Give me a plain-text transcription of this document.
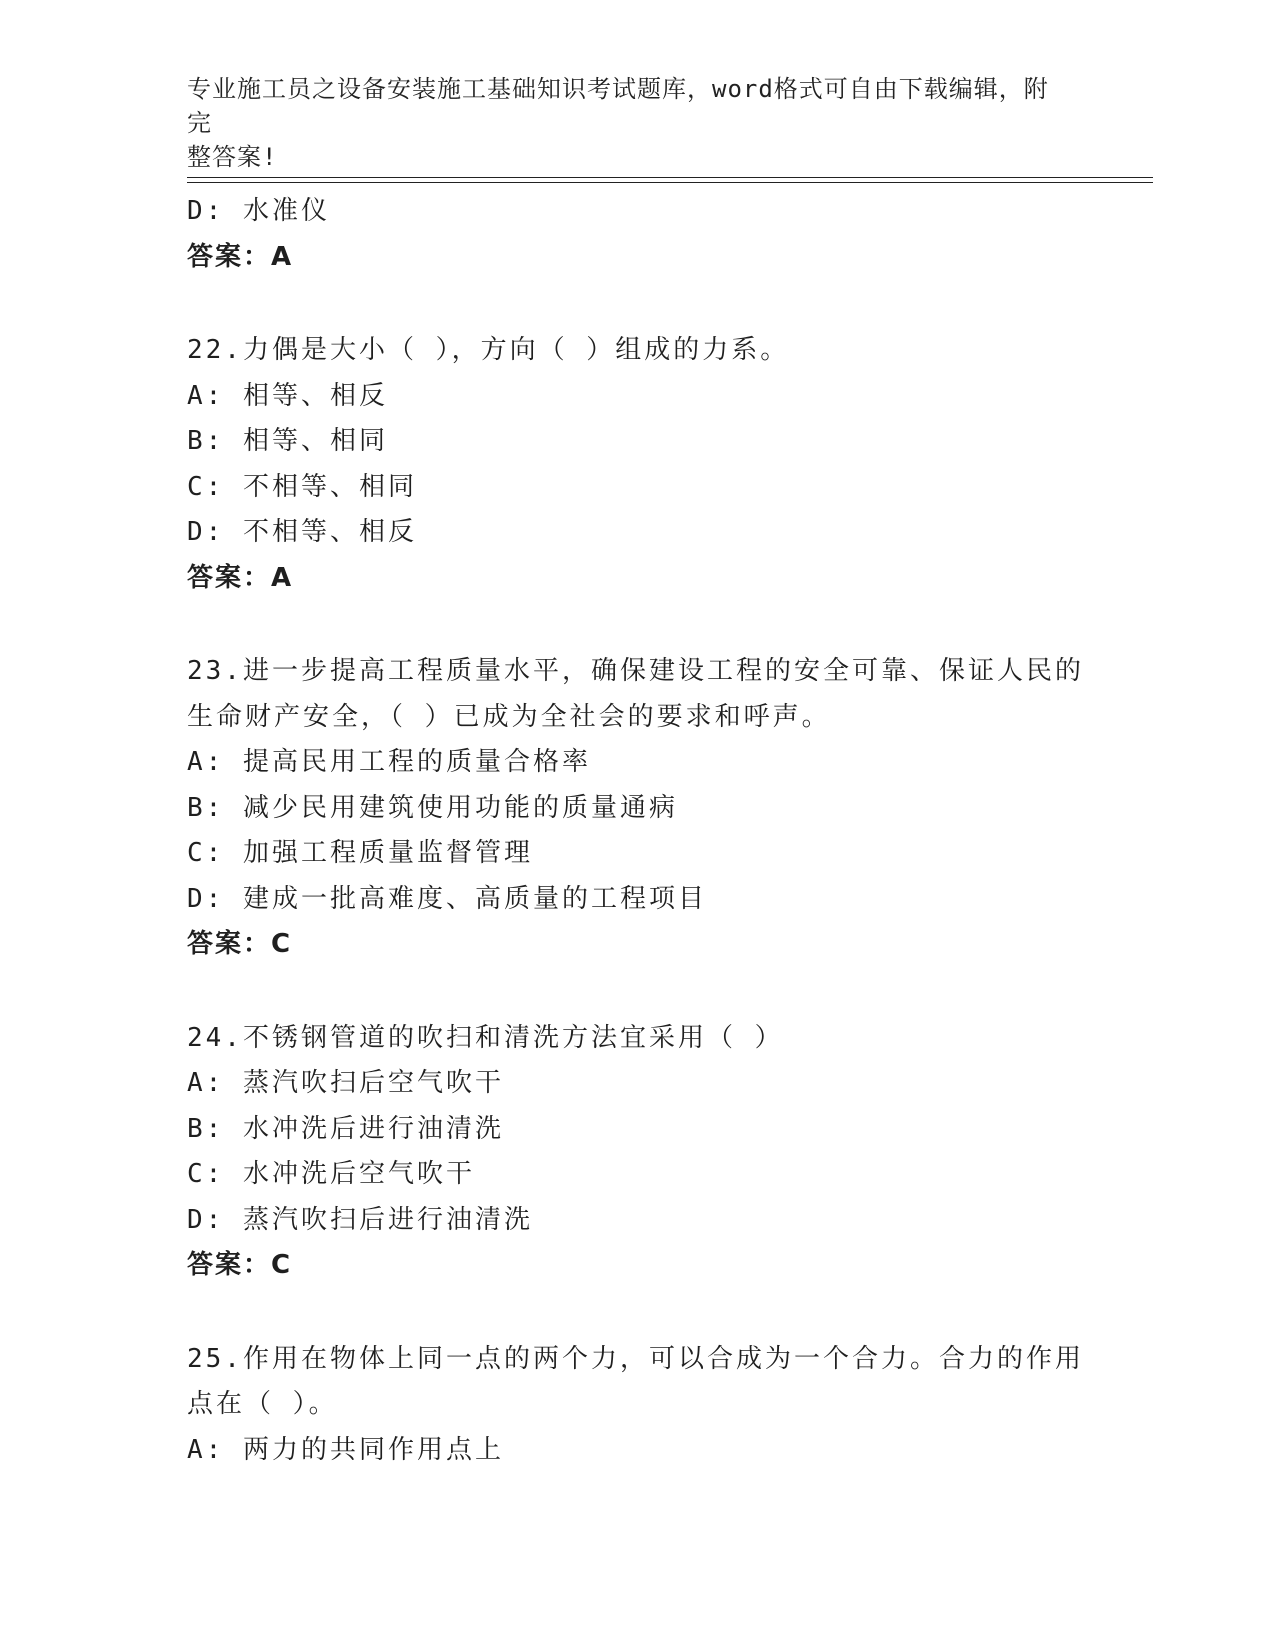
专业施工员之设备安装施工基础知识考试题库，word格式可自由下载编辑，附完
整答案!
D: 水准仪
答案：A
22.力偶是大小（ ），方向（ ）组成的力系。
A: 相等、相反
B: 相等、相同
C: 不相等、相同
D: 不相等、相反
答案：A
23.进一步提高工程质量水平，确保建设工程的安全可靠、保证人民的
生命财产安全，（ ）已成为全社会的要求和呼声。
A: 提高民用工程的质量合格率
B: 减少民用建筑使用功能的质量通病
C: 加强工程质量监督管理
D: 建成一批高难度、高质量的工程项目
答案：C
24.不锈钢管道的吹扫和清洗方法宜采用（ ）
A: 蒸汽吹扫后空气吹干
B: 水冲洗后进行油清洗
C: 水冲洗后空气吹干
D: 蒸汽吹扫后进行油清洗
答案：C
25.作用在物体上同一点的两个力，可以合成为一个合力。合力的作用
点在（ ）。
A: 两力的共同作用点上
